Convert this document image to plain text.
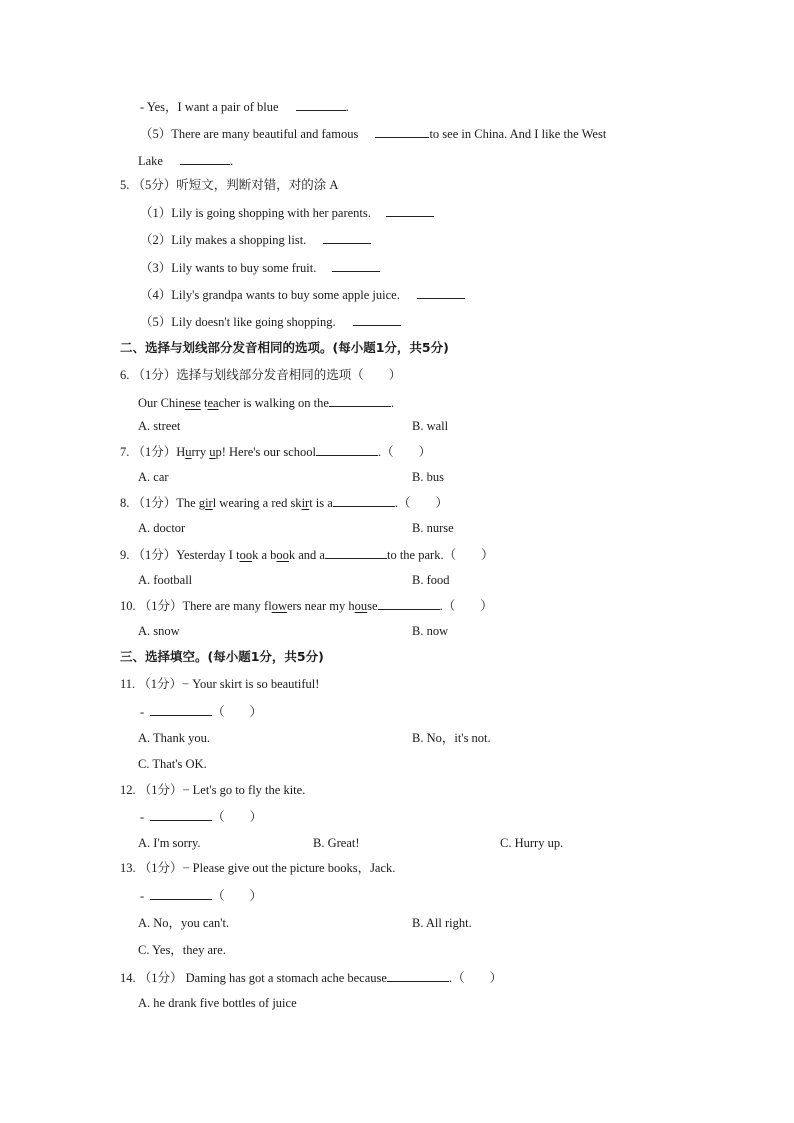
- Yes，I want a pair of blue	.
（5）There are many beautiful and famous	to see in China. And I like the West
Lake	.
5. （5分）听短文，判断对错，对的涂 A
（1）Lily is going shopping with her parents.
（2）Lily makes a shopping list.
（3）Lily wants to buy some fruit.
（4）Lily's grandpa wants to buy some apple juice.
（5）Lily doesn't like going shopping.
二、选择与划线部分发音相同的选项。(每小题1分，共5分)
6. （1分）选择与划线部分发音相同的选项（　　）
Our Chinese teacher is walking on the	.
A. street	B. wall
7. （1分）Hurry up! Here's our school	.（　　）
A. car	B. bus
8. （1分）The girl wearing a red skirt is a	.（　　）
A. doctor	B. nurse
9. （1分）Yesterday I took a book and a	to the park.（　　）
A. football	B. food
10. （1分）There are many flowers near my house	.（　　）
A. snow	B. now
三、选择填空。(每小题1分，共5分)
11. （1分）− Your skirt is so beautiful!
-	（　　）
A. Thank you.	B. No，it's not.
C. That's OK.
12. （1分）− Let's go to fly the kite.
-	（　　）
A. I'm sorry.	B. Great!	C. Hurry up.
13. （1分）− Please give out the picture books，Jack.
-	（　　）
A. No，you can't.	B. All right.
C. Yes，they are.
14. （1分） Daming has got a stomach ache because	.（　　）
A. he drank five bottles of juice
